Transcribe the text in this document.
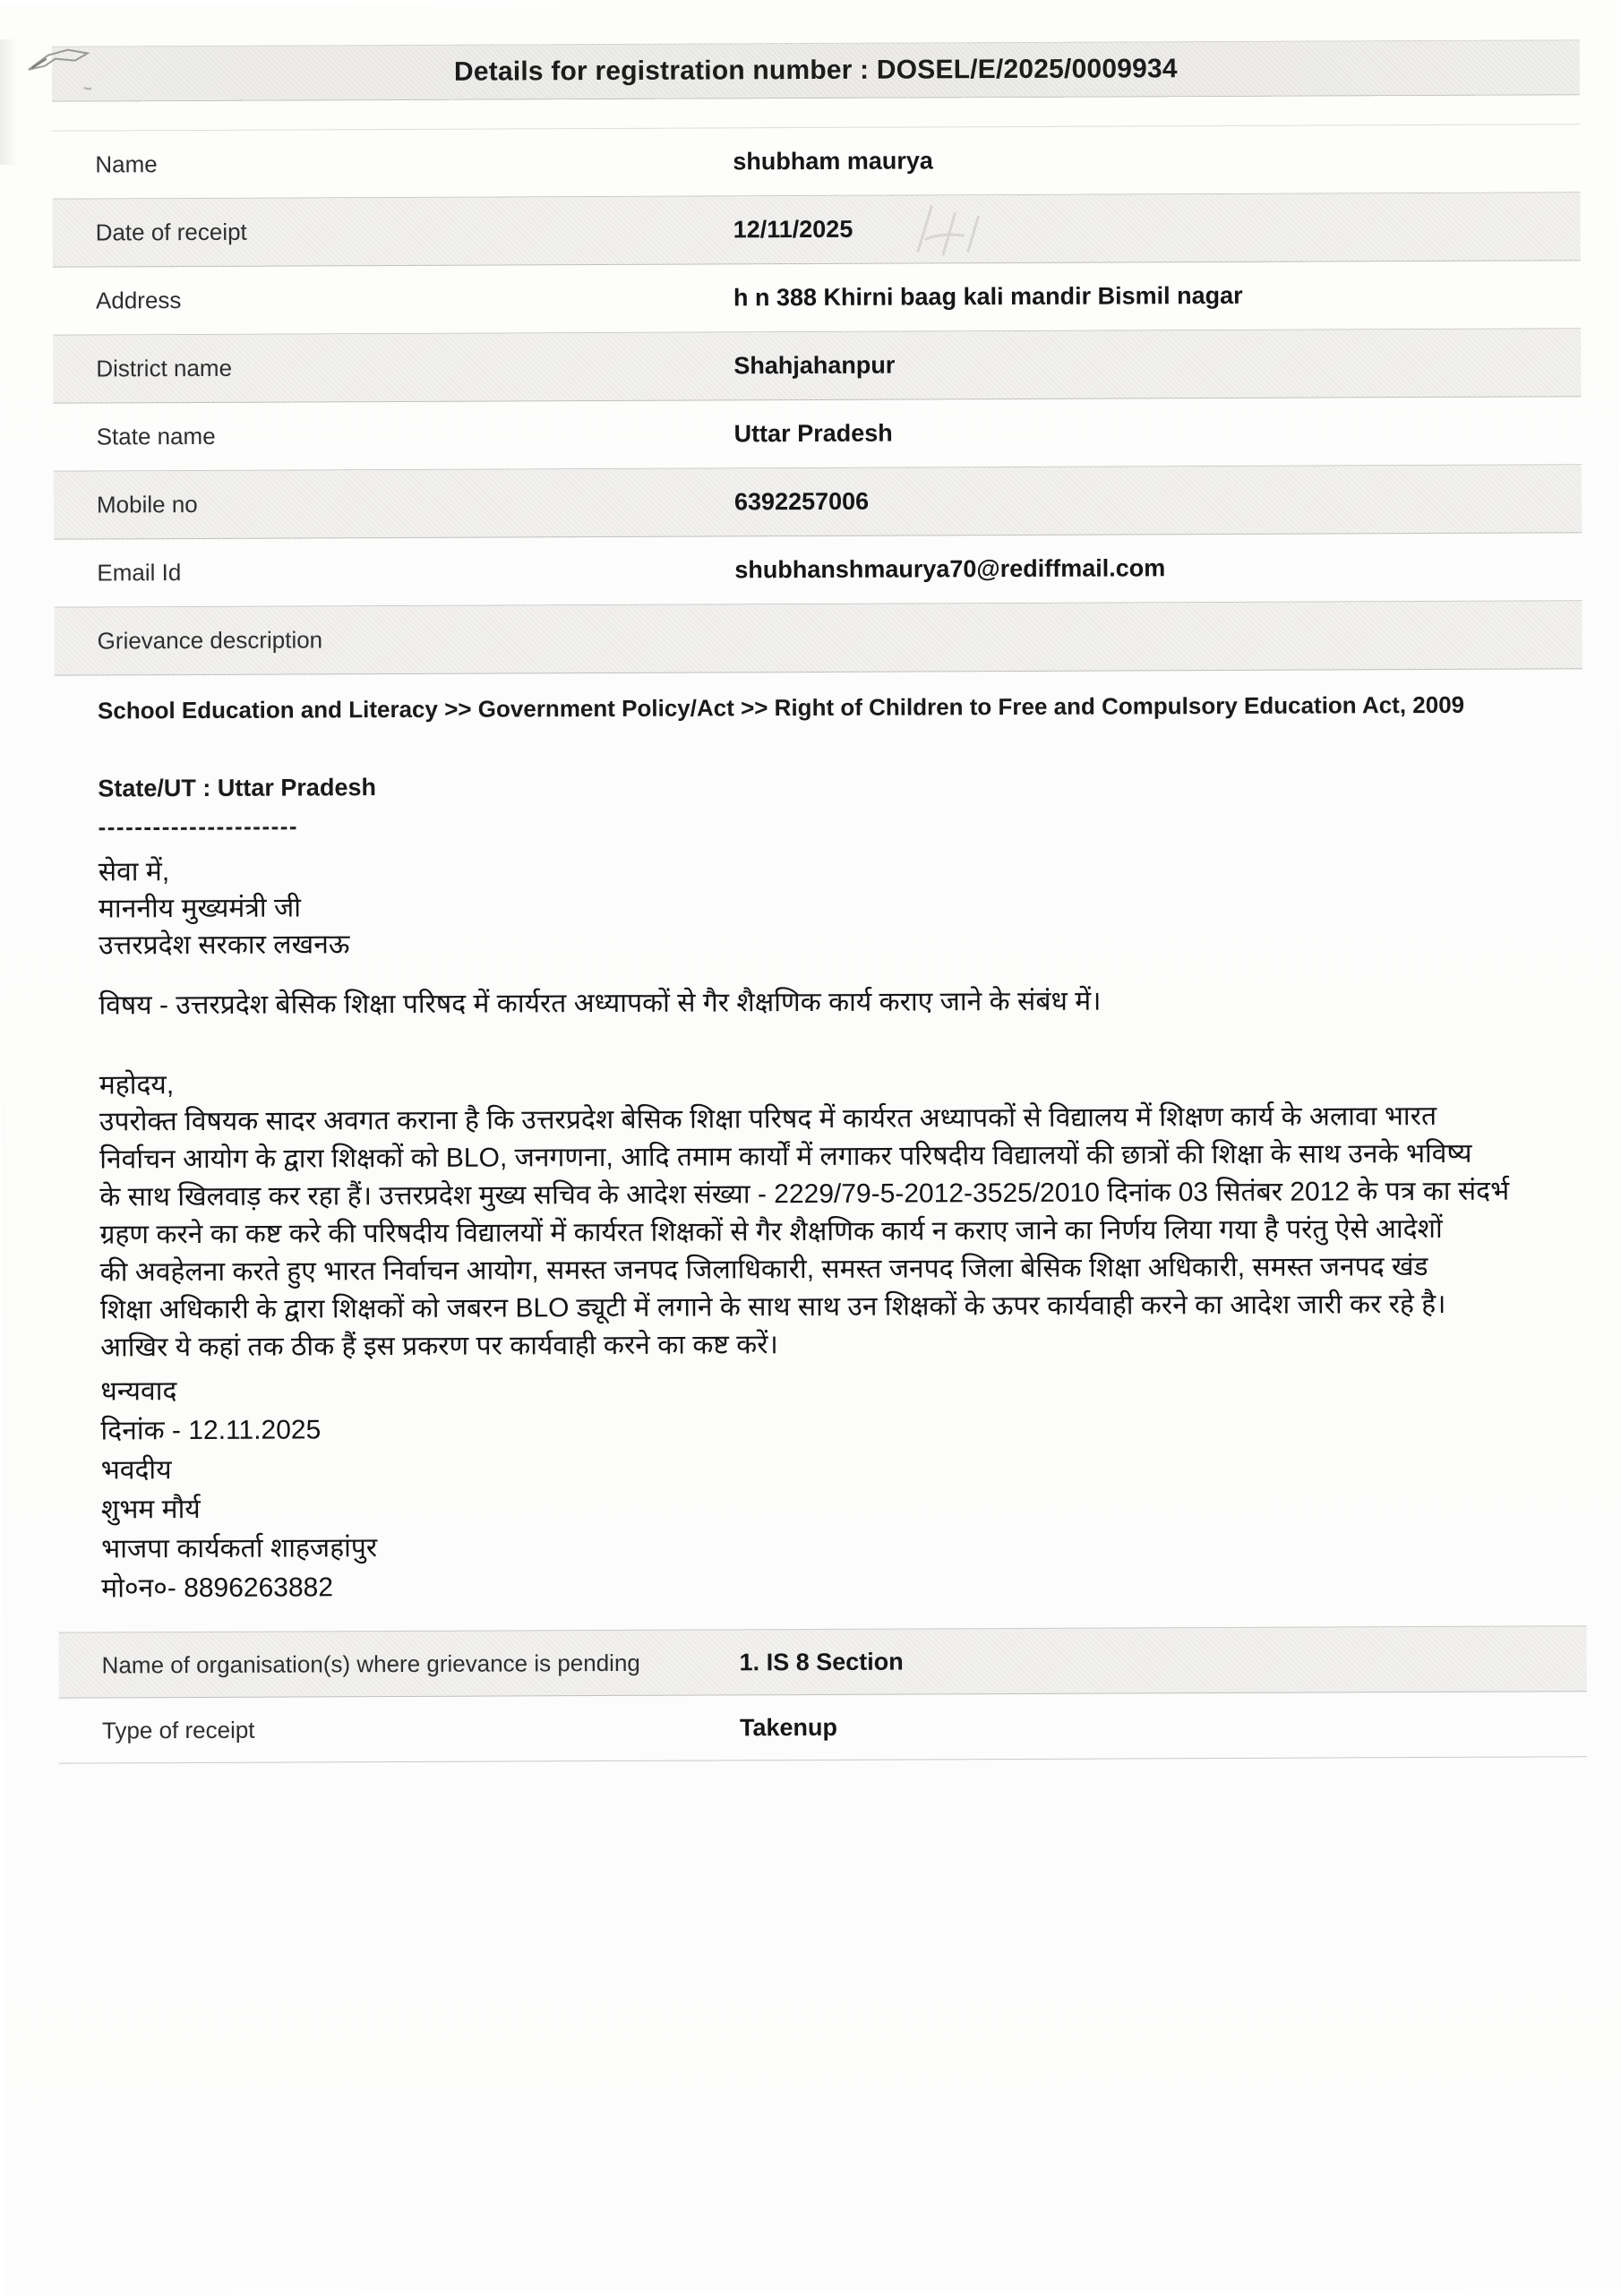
Details for registration number : DOSEL/E/2025/0009934
Name	shubham maurya
Date of receipt	12/11/2025
Address	h n 388 Khirni baag kali mandir Bismil nagar
District name	Shahjahanpur
State name	Uttar Pradesh
Mobile no	6392257006
Email Id	shubhanshmaurya70@rediffmail.com
Grievance description
School Education and Literacy >> Government Policy/Act >> Right of Children to Free and Compulsory Education Act, 2009
State/UT : Uttar Pradesh
----------------------
सेवा में,
माननीय मुख्यमंत्री जी
उत्तरप्रदेश सरकार लखनऊ
विषय - उत्तरप्रदेश बेसिक शिक्षा परिषद में कार्यरत अध्यापकों से गैर शैक्षणिक कार्य कराए जाने के संबंध में।
महोदय,
उपरोक्त विषयक सादर अवगत कराना है कि उत्तरप्रदेश बेसिक शिक्षा परिषद में कार्यरत अध्यापकों से विद्यालय में शिक्षण कार्य के अलावा भारत
निर्वाचन आयोग के द्वारा शिक्षकों को BLO, जनगणना, आदि तमाम कार्यों में लगाकर परिषदीय विद्यालयों की छात्रों की शिक्षा के साथ उनके भविष्य
के साथ खिलवाड़ कर रहा हैं। उत्तरप्रदेश मुख्य सचिव के आदेश संख्या - 2229/79-5-2012-3525/2010 दिनांक 03 सितंबर 2012 के पत्र का संदर्भ
ग्रहण करने का कष्ट करे की परिषदीय विद्यालयों में कार्यरत शिक्षकों से गैर शैक्षणिक कार्य न कराए जाने का निर्णय लिया गया है परंतु ऐसे आदेशों
की अवहेलना करते हुए भारत निर्वाचन आयोग, समस्त जनपद जिलाधिकारी, समस्त जनपद जिला बेसिक शिक्षा अधिकारी, समस्त जनपद खंड
शिक्षा अधिकारी के द्वारा शिक्षकों को जबरन BLO ड्यूटी में लगाने के साथ साथ उन शिक्षकों के ऊपर कार्यवाही करने का आदेश जारी कर रहे है।
आखिर ये कहां तक ठीक हैं इस प्रकरण पर कार्यवाही करने का कष्ट करें।
धन्यवाद
दिनांक - 12.11.2025
भवदीय
शुभम मौर्य
भाजपा कार्यकर्ता शाहजहांपुर
मो०न०- 8896263882
Name of organisation(s) where grievance is pending	1. IS 8 Section
Type of receipt	Takenup
